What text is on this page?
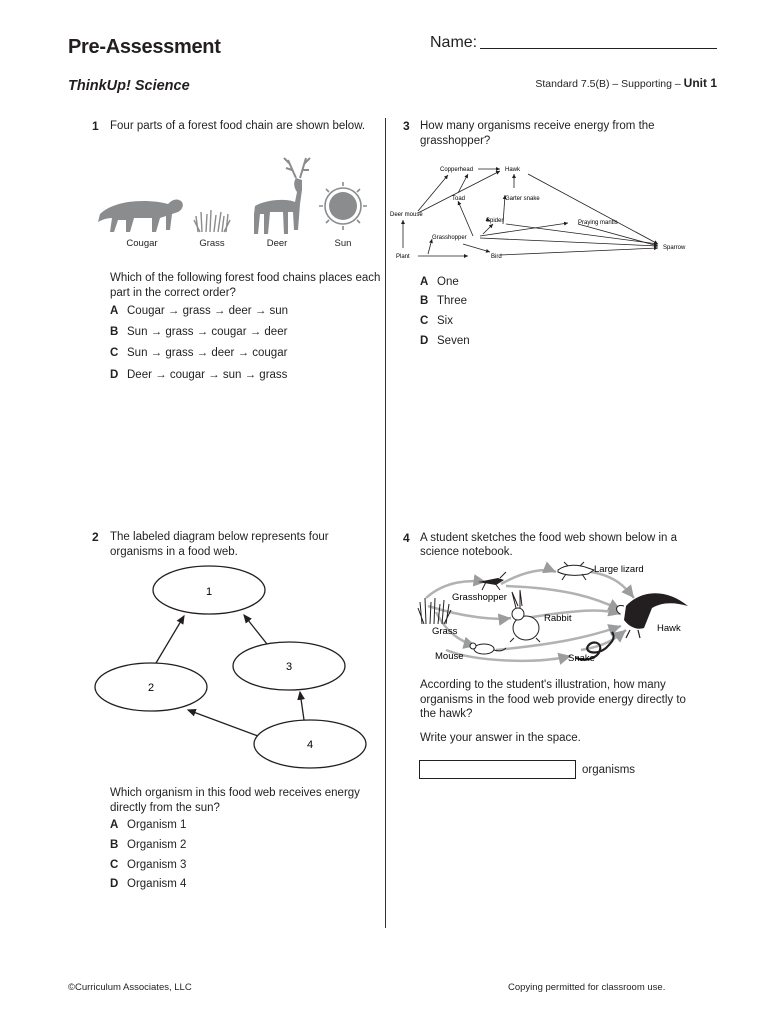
Pre-Assessment
ThinkUp! Science
Name:
Standard 7.5(B) – Supporting – Unit 1
1 Four parts of a forest food chain are shown below.
Cougar	Grass	Deer	Sun
Which of the following forest food chains places each
part in the correct order?
A Cougar → grass → deer → sun
B Sun → grass → cougar → deer
C Sun → grass → deer → cougar
D Deer → cougar → sun → grass
2 The labeled diagram below represents four
organisms in a food web.
1
2
3
4
Which organism in this food web receives energy
directly from the sun?
A Organism 1
B Organism 2
C Organism 3
D Organism 4
3 How many organisms receive energy from the
grasshopper?
Copperhead	Hawk
Toad	Garter snake
Deer mouse
Spider	Praying mantis
Grasshopper
Sparrow
Plant	Bird
A One
B Three
C Six
D Seven
4 A student sketches the food web shown below in a
science notebook.
Grasshopper
Large lizard
Rabbit
Hawk
Grass
Mouse	Snake
According to the student's illustration, how many
organisms in the food web provide energy directly to
the hawk?
Write your answer in the space.
organisms
©Curriculum Associates, LLC	Copying permitted for classroom use.
